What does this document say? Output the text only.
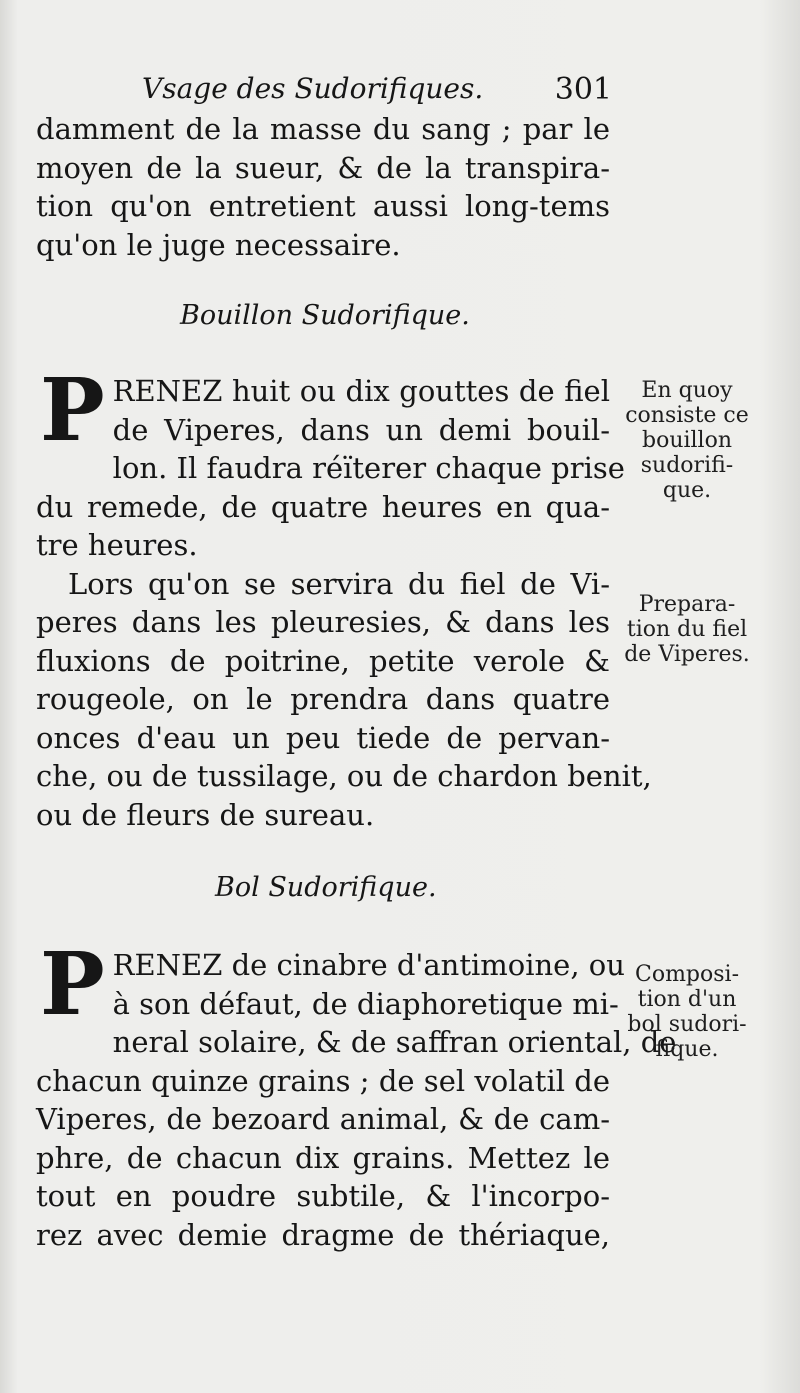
Vsage des Sudorifiques. 301
damment de la masse du sang ; par le
moyen de la sueur, & de la transpira-
tion qu'on entretient aussi long-tems
qu'on le juge necessaire.
Bouillon Sudorifique.
P RENEZ huit ou dix gouttes de fiel
de Viperes, dans un demi bouil-
lon. Il faudra réïterer chaque prise
du remede, de quatre heures en qua-
tre heures.
Lors qu'on se servira du fiel de Vi-
peres dans les pleuresies, & dans les
fluxions de poitrine, petite verole &
rougeole, on le prendra dans quatre
onces d'eau un peu tiede de pervan-
che, ou de tussilage, ou de chardon benit,
ou de fleurs de sureau.
Bol Sudorifique.
P RENEZ de cinabre d'antimoine, ou
à son défaut, de diaphoretique mi-
neral solaire, & de saffran oriental, de
chacun quinze grains ; de sel volatil de
Viperes, de bezoard animal, & de cam-
phre, de chacun dix grains. Mettez le
tout en poudre subtile, & l'incorpo-
rez avec demie dragme de thériaque,
En quoy
consiste ce
bouillon
sudorifi-
que.
Prepara-
tion du fiel
de Viperes.
Composi-
tion d'un
bol sudori-
fique.
